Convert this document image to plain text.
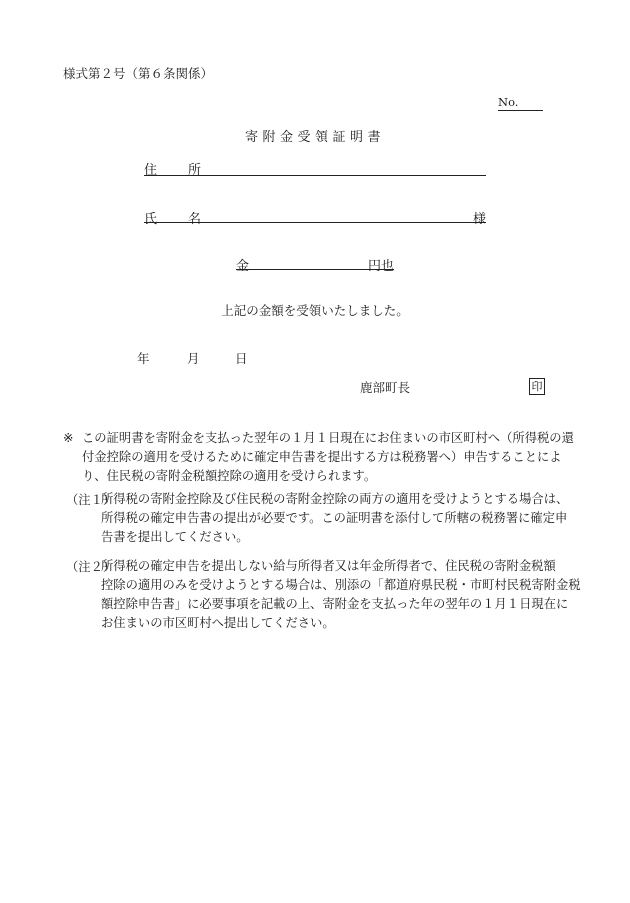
様式第２号（第６条関係）
No.
寄附金受領証明書
住　所
氏　名	様
金	円也
上記の金額を受領いたしました。
年	月	日
鹿部町長	印
※ この証明書を寄附金を支払った翌年の１月１日現在にお住まいの市区町村へ（所得税の還
付金控除の適用を受けるために確定申告書を提出する方は税務署へ）申告することによ
り、住民税の寄附金税額控除の適用を受けられます。
（注１）
所得税の寄附金控除及び住民税の寄附金控除の両方の適用を受けようとする場合は、
所得税の確定申告書の提出が必要です。この証明書を添付して所轄の税務署に確定申
告書を提出してください。
（注２）
所得税の確定申告を提出しない給与所得者又は年金所得者で、住民税の寄附金税額
控除の適用のみを受けようとする場合は、別添の「都道府県民税・市町村民税寄附金税
額控除申告書」に必要事項を記載の上、寄附金を支払った年の翌年の１月１日現在に
お住まいの市区町村へ提出してください。
